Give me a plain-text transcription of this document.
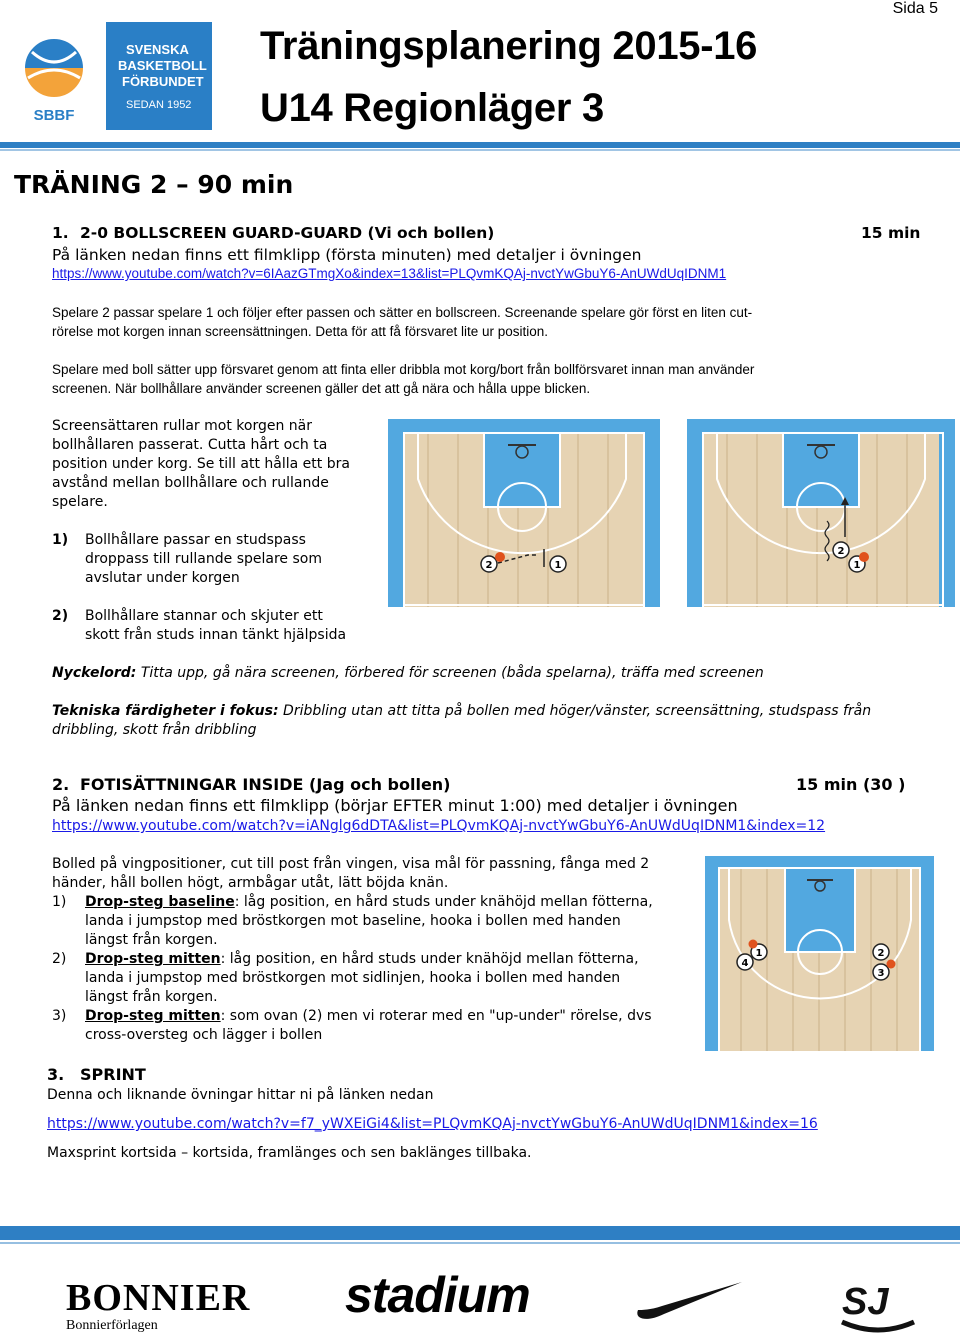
SBBF
SVENSKA
BASKETBOLL
FÖRBUNDET
SEDAN 1952
Sida 5
Träningsplanering 2015-16
U14 Regionläger 3
TRÄNING 2 – 90 min
1. 2-0 BOLLSCREEN GUARD-GUARD (Vi och bollen)	15 min
På länken nedan finns ett filmklipp (första minuten) med detaljer i övningen
https://www.youtube.com/watch?v=6IAazGTmgXo&index=13&list=PLQvmKQAj-nvctYwGbuY6-AnUWdUqIDNM1
Spelare 2 passar spelare 1 och följer efter passen och sätter en bollscreen. Screenande spelare gör först en liten cut-
rörelse mot korgen innan screensättningen. Detta för att få försvaret lite ur position.
Spelare med boll sätter upp försvaret genom att finta eller dribbla mot korg/bort från bollförsvaret innan man använder
screenen. När bollhållare använder screenen gäller det att gå nära och hålla uppe blicken.
Screensättaren rullar mot korgen när
bollhållaren passerat. Cutta hårt och ta
position under korg. Se till att hålla ett bra
avstånd mellan bollhållare och rullande
spelare.
1) Bollhållare passar en studspass
droppass till rullande spelare som
avslutar under korgen
2) Bollhållare stannar och skjuter ett
skott från studs innan tänkt hjälpsida
2	1
2
1
Nyckelord: Titta upp, gå nära screenen, förbered för screenen (båda spelarna), träffa med screenen
Tekniska färdigheter i fokus: Dribbling utan att titta på bollen med höger/vänster, screensättning, studspass från
dribbling, skott från dribbling
2. FOTISÄTTNINGAR INSIDE (Jag och bollen)	15 min (30 )
På länken nedan finns ett filmklipp (börjar EFTER minut 1:00) med detaljer i övningen
https://www.youtube.com/watch?v=iANglg6dDTA&list=PLQvmKQAj-nvctYwGbuY6-AnUWdUqIDNM1&index=12
Bolled på vingpositioner, cut till post från vingen, visa mål för passning, fånga med 2
händer, håll bollen högt, armbågar utåt, lätt böjda knän.
1) Drop-steg baseline: låg position, en hård studs under knähöjd mellan fötterna,
landa i jumpstop med bröstkorgen mot baseline, hooka i bollen med handen
längst från korgen.
2) Drop-steg mitten: låg position, en hård studs under knähöjd mellan fötterna,
landa i jumpstop med bröstkorgen mot sidlinjen, hooka i bollen med handen
längst från korgen.
3) Drop-steg mitten: som ovan (2) men vi roterar med en "up-under" rörelse, dvs
cross-oversteg och lägger i bollen
1	2
3
4
3. SPRINT
Denna och liknande övningar hittar ni på länken nedan
https://www.youtube.com/watch?v=f7_yWXEiGi4&list=PLQvmKQAj-nvctYwGbuY6-AnUWdUqIDNM1&index=16
Maxsprint kortsida – kortsida, framlänges och sen baklänges tillbaka.
BONNIER
Bonnierförlagen
stadium	SJ
